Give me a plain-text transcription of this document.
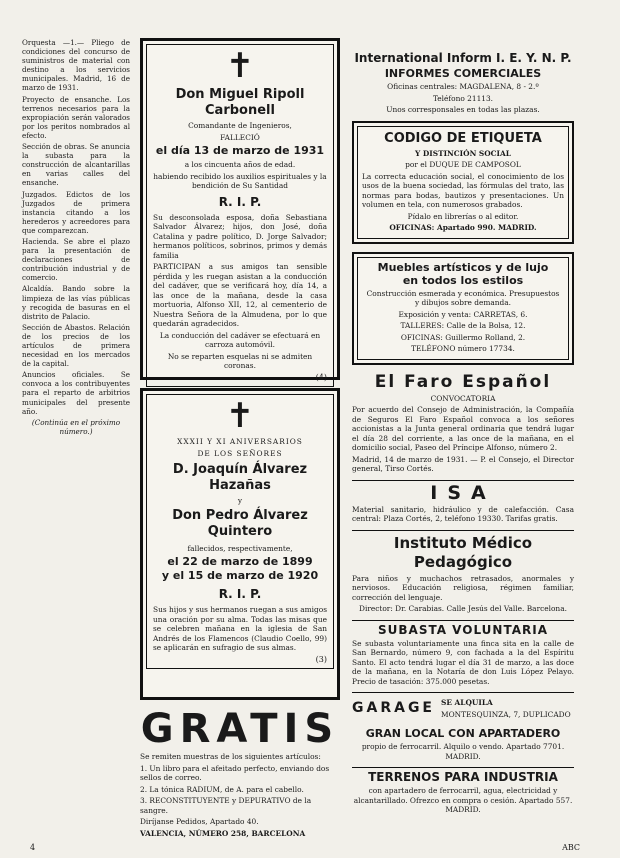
Orquesta —1.— Pliego de condiciones del concurso de suministros de material con destino a los servicios municipales. Madrid, 16 de marzo de 1931.

Proyecto de ensanche. Los terrenos necesarios para la expropiación serán valorados por los peritos nombrados al efecto.

Sección de obras. Se anuncia la subasta para la construcción de alcantarillas en varias calles del ensanche.

Juzgados. Edictos de los Juzgados de primera instancia citando a los herederos y acreedores para que comparezcan.

Hacienda. Se abre el plazo para la presentación de declaraciones de contribución industrial y de comercio.

Alcaldía. Bando sobre la limpieza de las vías públicas y recogida de basuras en el distrito de Palacio.

Sección de Abastos. Relación de los precios de los artículos de primera necesidad en los mercados de la capital.

Anuncios oficiales. Se convoca a los contribuyentes para el reparto de arbitrios municipales del presente año.

(Continúa en el próximo número.)

✝
Don Miguel Ripoll Carbonell
Comandante de Ingenieros,
FALLECIÓ
el día 13 de marzo de 1931
a los cincuenta años de edad.
habiendo recibido los auxilios espirituales y la bendición de Su Santidad
R. I. P.
Su desconsolada esposa, doña Sebastiana Salvador Álvarez; hijos, don José, doña Catalina y padre político, D. Jorge Salvador; hermanos políticos, sobrinos, primos y demás familia
PARTICIPAN a sus amigos tan sensible pérdida y les ruegan asistan a la conducción del cadáver, que se verificará hoy, día 14, a las once de la mañana, desde la casa mortuoria, Alfonso XII, 12, al cementerio de Nuestra Señora de la Almudena, por lo que quedarán agradecidos.
La conducción del cadáver se efectuará en carroza automóvil.
No se reparten esquelas ni se admiten coronas.
(4)
✝
XXXII Y XI ANIVERSARIOS
DE LOS SEÑORES
D. Joaquín Álvarez Hazañas
y
Don Pedro Álvarez Quintero
fallecidos, respectivamente,
el 22 de marzo de 1899
y el 15 de marzo de 1920
R. I. P.
Sus hijos y sus hermanos ruegan a sus amigos una oración por su alma. Todas las misas que se celebren mañana en la iglesia de San Andrés de los Flamencos (Claudio Coello, 99) se aplicarán en sufragio de sus almas.
(3)
GRATIS
Se remiten muestras de los siguientes artículos:
1. Un libro para el afeitado perfecto, enviando dos sellos de correo.
2. La tónica RADIUM, de A. para el cabello.
3. RECONSTITUYENTE y DEPURATIVO de la sangre.
Diríjanse Pedidos, Apartado 40.
VALENCIA, NÚMERO 258, BARCELONA
International Inform I. E. Y. N. P.
INFORMES COMERCIALES
Oficinas centrales: MAGDALENA, 8 - 2.º
Teléfono 21113.
Unos corresponsales en todas las plazas.
CODIGO DE ETIQUETA
Y DISTINCIÓN SOCIAL
por el DUQUE DE CAMPOSOL
La correcta educación social, el conocimiento de los usos de la buena sociedad, las fórmulas del trato, las normas para bodas, bautizos y presentaciones. Un volumen en tela, con numerosos grabados.
Pídalo en librerías o al editor.
OFICINAS: Apartado 990. MADRID.
Muebles artísticos y de lujo
en todos los estilos
Construcción esmerada y económica. Presupuestos y dibujos sobre demanda.
Exposición y venta: CARRETAS, 6.
TALLERES: Calle de la Bolsa, 12.
OFICINAS: Guillermo Rolland, 2.
TELÉFONO número 17734.
El Faro Español
CONVOCATORIA
Por acuerdo del Consejo de Administración, la Compañía de Seguros El Faro Español convoca a los señores accionistas a la Junta general ordinaria que tendrá lugar el día 28 del corriente, a las once de la mañana, en el domicilio social, Paseo del Príncipe Alfonso, número 2.
Madrid, 14 de marzo de 1931. — P. el Consejo, el Director general, Tirso Cortés.
ISA
Material sanitario, hidráulico y de calefacción. Casa central: Plaza Cortés, 2, teléfono 19330. Tarifas gratis.
Instituto Médico Pedagógico
Para niños y muchachos retrasados, anormales y nerviosos. Educación religiosa, régimen familiar, corrección del lenguaje.
Director: Dr. Carabias. Calle Jesús del Valle. Barcelona.
SUBASTA VOLUNTARIA
Se subasta voluntariamente una finca sita en la calle de San Bernardo, número 9, con fachada a la del Espíritu Santo. El acto tendrá lugar el día 31 de marzo, a las doce de la mañana, en la Notaría de don Luis López Pelayo. Precio de tasación: 375.000 pesetas.
GARAGE SE ALQUILA
MONTESQUINZA, 7, DUPLICADO
GRAN LOCAL CON APARTADERO
propio de ferrocarril. Alquilo o vendo. Apartado 7701. MADRID.
TERRENOS PARA INDUSTRIA
con apartadero de ferrocarril, agua, electricidad y alcantarillado. Ofrezco en compra o cesión. Apartado 557. MADRID.
4	ABC
